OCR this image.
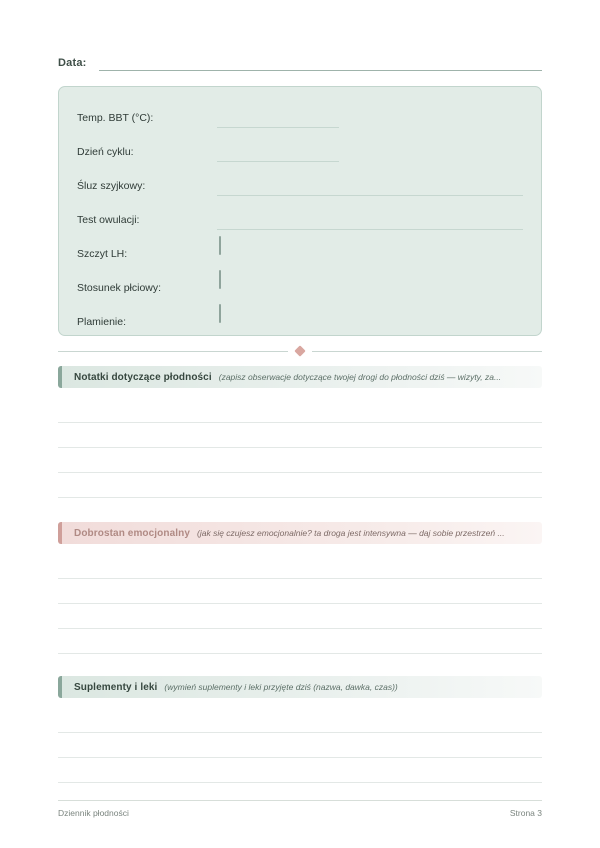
Data:
Temp. BBT (°C):
Dzień cyklu:
Śluz szyjkowy:
Test owulacji:
Szczyt LH:
Stosunek płciowy:
Plamienie:
Notatki dotyczące płodności (zapisz obserwacje dotyczące twojej drogi do płodności dziś — wizyty, za...
Dobrostan emocjonalny (jak się czujesz emocjonalnie? ta droga jest intensywna — daj sobie przestrzeń ...
Suplementy i leki (wymień suplementy i leki przyjęte dziś (nazwa, dawka, czas))
Dziennik płodności	Strona 3
